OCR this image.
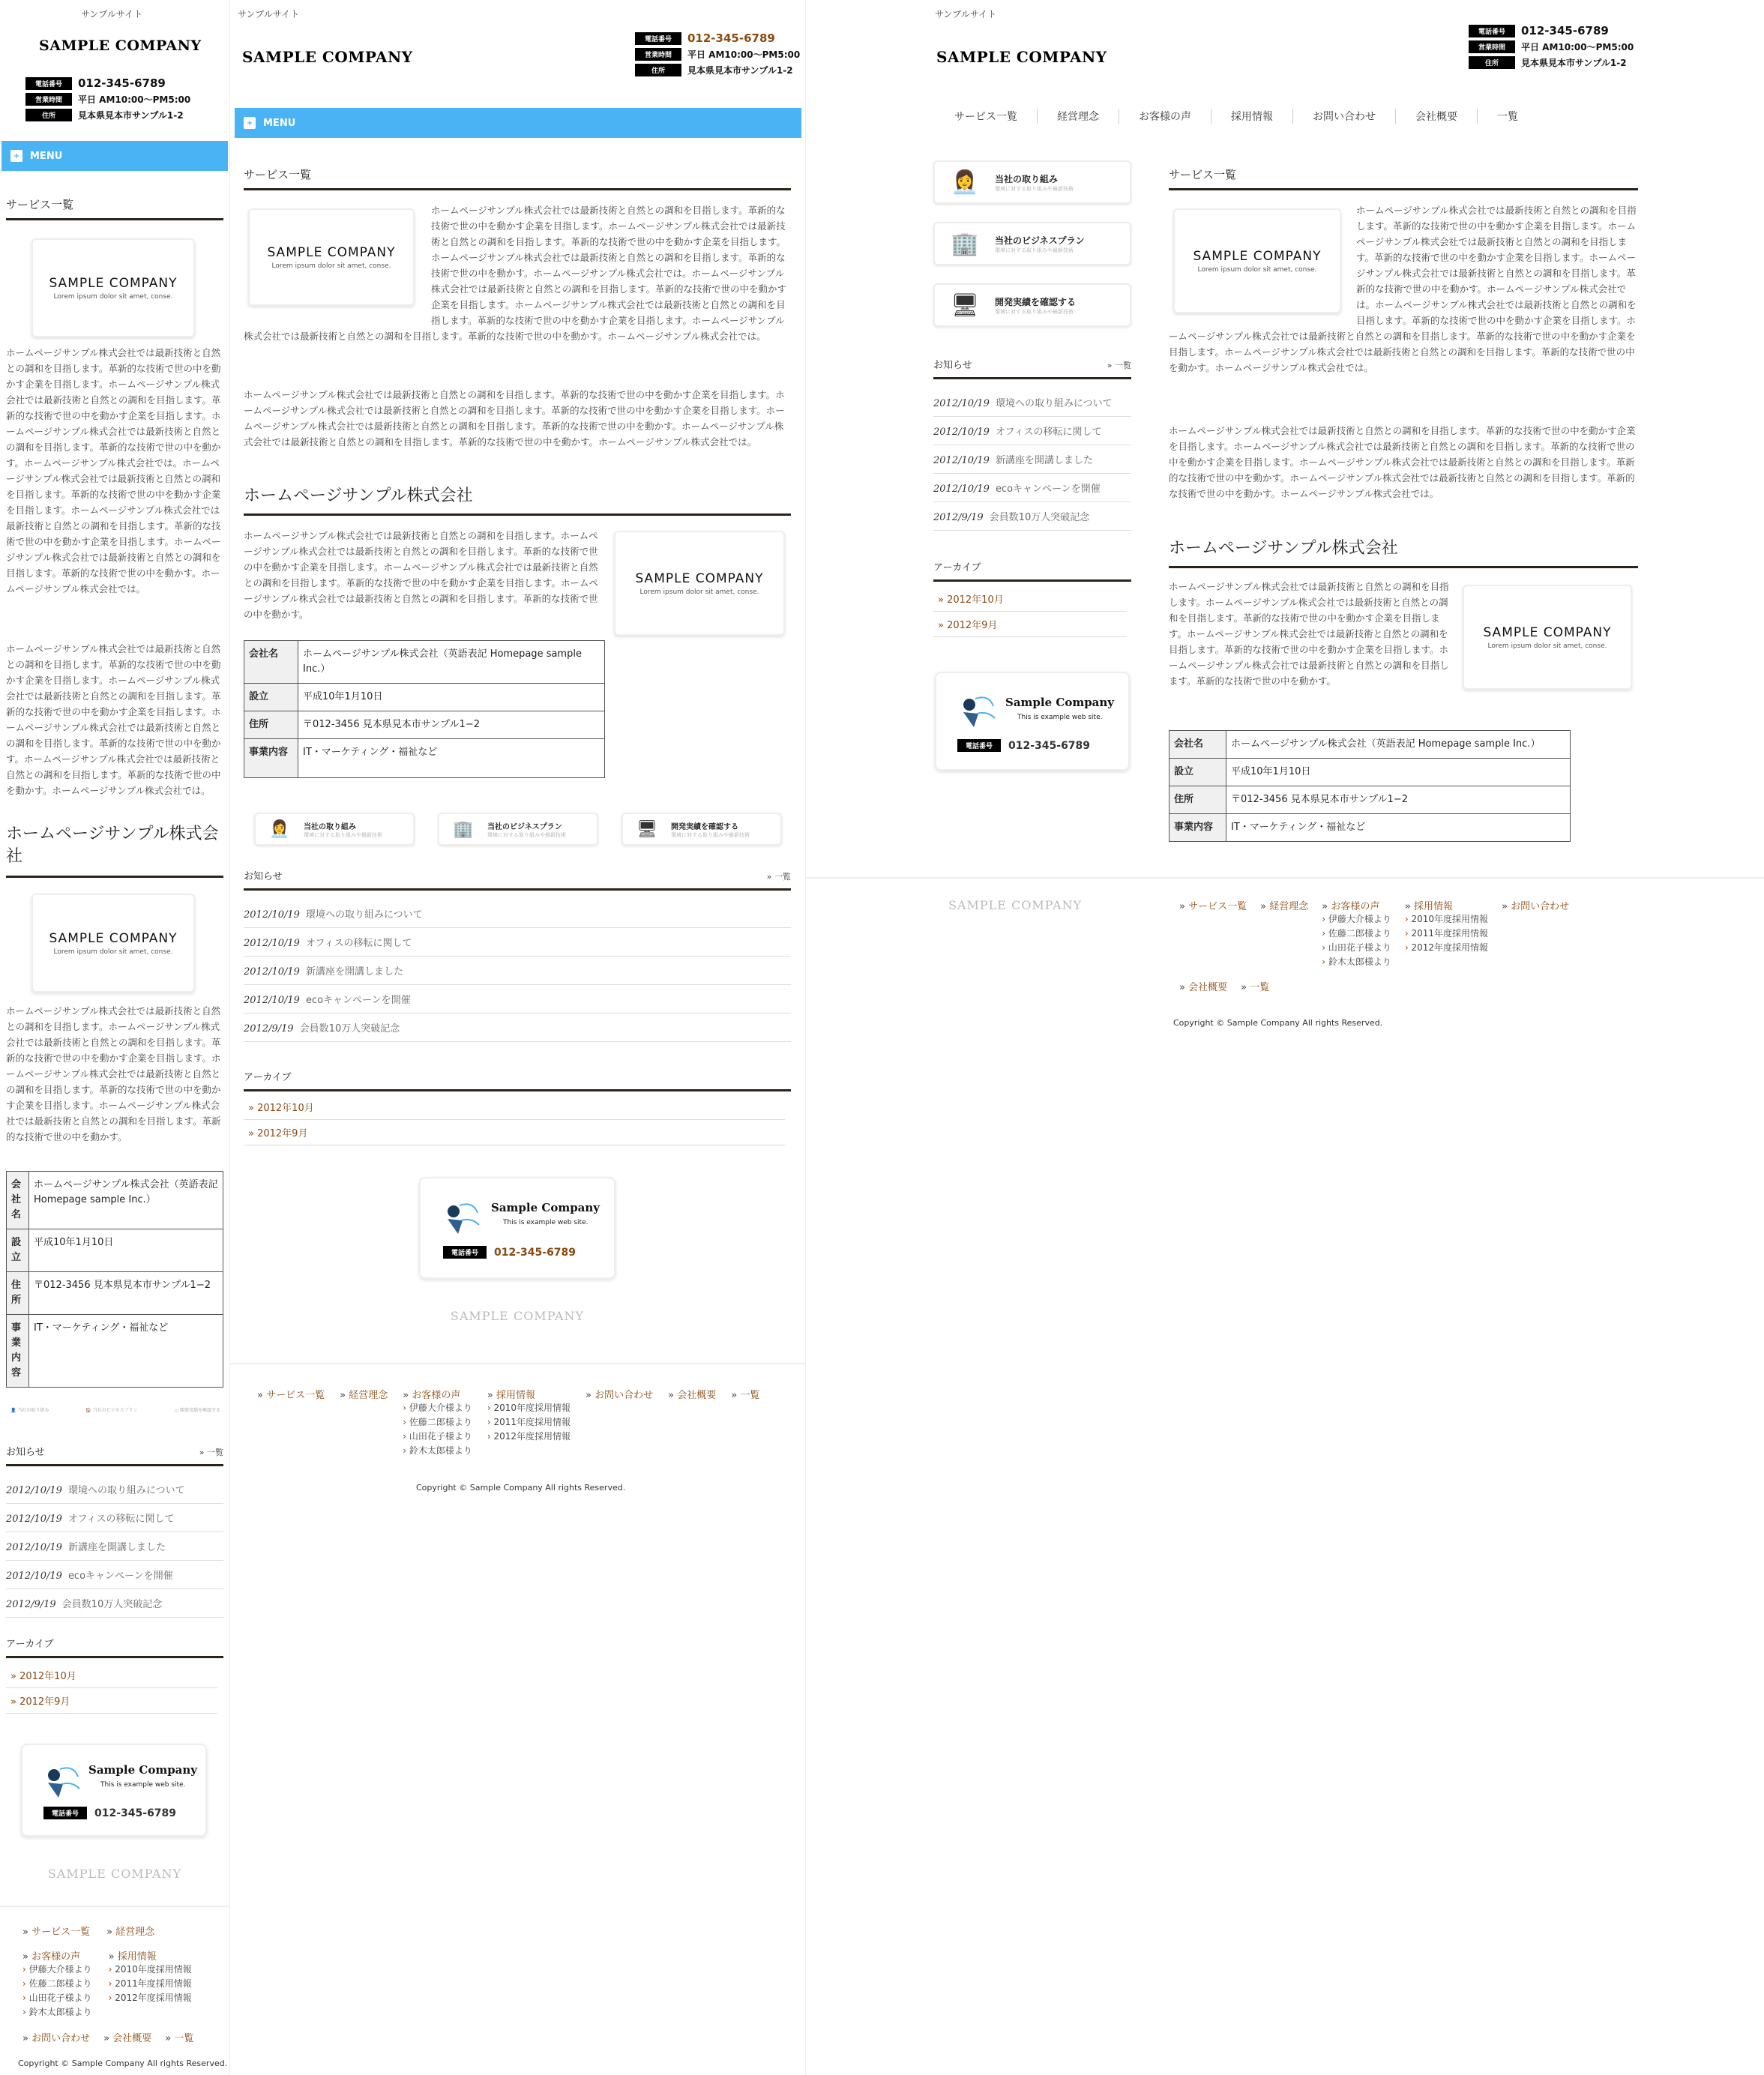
サンプルサイト
SAMPLE COMPANY
電話番号	012-345-6789
営業時間	平日 AM10:00～PM5:00
住所	見本県見本市サンプル1-2
+ MENU
サービス一覧
SAMPLE COMPANY
Lorem ipsum dolor sit amet, conse.

ホームページサンプル株式会社では最新技術と自然との調和を目指します。革新的な技術で世の中を動かす企業を目指します。ホームページサンプル株式会社では最新技術と自然との調和を目指します。革新的な技術で世の中を動かす企業を目指します。ホームページサンプル株式会社では最新技術と自然との調和を目指します。革新的な技術で世の中を動かす。ホームページサンプル株式会社では。ホームページサンプル株式会社では最新技術と自然との調和を目指します。革新的な技術で世の中を動かす企業を目指します。ホームページサンプル株式会社では最新技術と自然との調和を目指します。革新的な技術で世の中を動かす企業を目指します。ホームページサンプル株式会社では最新技術と自然との調和を目指します。革新的な技術で世の中を動かす。ホームページサンプル株式会社では。

ホームページサンプル株式会社では最新技術と自然との調和を目指します。革新的な技術で世の中を動かす企業を目指します。ホームページサンプル株式会社では最新技術と自然との調和を目指します。革新的な技術で世の中を動かす企業を目指します。ホームページサンプル株式会社では最新技術と自然との調和を目指します。革新的な技術で世の中を動かす。ホームページサンプル株式会社では最新技術と自然との調和を目指します。革新的な技術で世の中を動かす。ホームページサンプル株式会社では。

ホームページサンプル株式会社
SAMPLE COMPANY
Lorem ipsum dolor sit amet, conse.

ホームページサンプル株式会社では最新技術と自然との調和を目指します。ホームページサンプル株式会社では最新技術と自然との調和を目指します。革新的な技術で世の中を動かす企業を目指します。ホームページサンプル株式会社では最新技術と自然との調和を目指します。革新的な技術で世の中を動かす企業を目指します。ホームページサンプル株式会社では最新技術と自然との調和を目指します。革新的な技術で世の中を動かす。

会社名	ホームページサンプル株式会社（英語表記 Homepage sample Inc.）
設立	平成10年1月10日
住所	〒012-3456 見本県見本市サンプル1−2
事業内容	IT・マーケティング・福祉など
👤 当社の取り組み	🏠 当社のビジネスプラン	▭ 開発実績を確認する
お知らせ	» 一覧
2012/10/19 環境への取り組みについて
2012/10/19 オフィスの移転に関して
2012/10/19 新講座を開講しました
2012/10/19 ecoキャンペーンを開催
2012/9/19 会員数10万人突破記念
アーカイブ
» 2012年10月
» 2012年9月
Sample Company
This is example web site.
電話番号	012-345-6789
SAMPLE COMPANY
» サービス一覧 » 経営理念
» お客様の声
› 伊藤大介様より
› 佐藤二郎様より
› 山田花子様より
› 鈴木太郎様より
» 採用情報
› 2010年度採用情報
› 2011年度採用情報
› 2012年度採用情報
» お問い合わせ » 会社概要 » 一覧
Copyright © Sample Company All rights Reserved.
サンプルサイト
SAMPLE COMPANY
電話番号	012-345-6789
営業時間	平日 AM10:00～PM5:00
住所	見本県見本市サンプル1-2
+ MENU
サービス一覧
SAMPLE COMPANY
Lorem ipsum dolor sit amet, conse.
ホームページサンプル株式会社では最新技術と自然との調和を目指します。革新的な技術で世の中を動かす企業を目指します。ホームページサンプル株式会社では最新技術と自然との調和を目指します。革新的な技術で世の中を動かす企業を目指します。ホームページサンプル株式会社では最新技術と自然との調和を目指します。革新的な技術で世の中を動かす。ホームページサンプル株式会社では。ホームページサンプル株式会社では最新技術と自然との調和を目指します。革新的な技術で世の中を動かす企業を目指します。ホームページサンプル株式会社では最新技術と自然との調和を目指します。革新的な技術で世の中を動かす企業を目指します。ホームページサンプル株式会社では最新技術と自然との調和を目指します。革新的な技術で世の中を動かす。ホームページサンプル株式会社では。

ホームページサンプル株式会社では最新技術と自然との調和を目指します。革新的な技術で世の中を動かす企業を目指します。ホームページサンプル株式会社では最新技術と自然との調和を目指します。革新的な技術で世の中を動かす企業を目指します。ホームページサンプル株式会社では最新技術と自然との調和を目指します。革新的な技術で世の中を動かす。ホームページサンプル株式会社では最新技術と自然との調和を目指します。革新的な技術で世の中を動かす。ホームページサンプル株式会社では。

ホームページサンプル株式会社

ホームページサンプル株式会社では最新技術と自然との調和を目指します。ホームページサンプル株式会社では最新技術と自然との調和を目指します。革新的な技術で世の中を動かす企業を目指します。ホームページサンプル株式会社では最新技術と自然との調和を目指します。革新的な技術で世の中を動かす企業を目指します。ホームページサンプル株式会社では最新技術と自然との調和を目指します。革新的な技術で世の中を動かす。

SAMPLE COMPANY
Lorem ipsum dolor sit amet, conse.
会社名	ホームページサンプル株式会社（英語表記 Homepage sample Inc.）
設立	平成10年1月10日
住所	〒012-3456 見本県見本市サンプル1−2
事業内容	IT・マーケティング・福祉など
👩‍💼	当社の取り組み
環境に対する取り組みや最新技術	🏢	当社のビジネスプラン
環境に対する取り組みや最新技術	🖥	開発実績を確認する
環境に対する取り組みや最新技術
お知らせ	» 一覧
2012/10/19 環境への取り組みについて
2012/10/19 オフィスの移転に関して
2012/10/19 新講座を開講しました
2012/10/19 ecoキャンペーンを開催
2012/9/19 会員数10万人突破記念
アーカイブ
» 2012年10月
» 2012年9月
Sample Company
This is example web site.
電話番号	012-345-6789
SAMPLE COMPANY
» サービス一覧 » 経営理念 » お客様の声
› 伊藤大介様より
› 佐藤二郎様より
› 山田花子様より
› 鈴木太郎様より
» 採用情報
› 2010年度採用情報
› 2011年度採用情報
› 2012年度採用情報
» お問い合わせ » 会社概要 » 一覧
Copyright © Sample Company All rights Reserved.
サンプルサイト
SAMPLE COMPANY
電話番号	012-345-6789
営業時間	平日 AM10:00～PM5:00
住所	見本県見本市サンプル1-2
サービス一覧	経営理念	お客様の声	採用情報	お問い合わせ	会社概要	一覧
👩‍💼	当社の取り組み
環境に対する取り組みや最新技術
🏢	当社のビジネスプラン
環境に対する取り組みや最新技術
🖥	開発実績を確認する
環境に対する取り組みや最新技術
お知らせ	» 一覧
2012/10/19 環境への取り組みについて
2012/10/19 オフィスの移転に関して
2012/10/19 新講座を開講しました
2012/10/19 ecoキャンペーンを開催
2012/9/19 会員数10万人突破記念
アーカイブ
» 2012年10月
» 2012年9月
Sample Company
This is example web site.
電話番号	012-345-6789
サービス一覧
SAMPLE COMPANY
Lorem ipsum dolor sit amet, conse.
ホームページサンプル株式会社では最新技術と自然との調和を目指します。革新的な技術で世の中を動かす企業を目指します。ホームページサンプル株式会社では最新技術と自然との調和を目指します。革新的な技術で世の中を動かす企業を目指します。ホームページサンプル株式会社では最新技術と自然との調和を目指します。革新的な技術で世の中を動かす。ホームページサンプル株式会社では。ホームページサンプル株式会社では最新技術と自然との調和を目指します。革新的な技術で世の中を動かす企業を目指します。ホームページサンプル株式会社では最新技術と自然との調和を目指します。革新的な技術で世の中を動かす企業を目指します。ホームページサンプル株式会社では最新技術と自然との調和を目指します。革新的な技術で世の中を動かす。ホームページサンプル株式会社では。

ホームページサンプル株式会社では最新技術と自然との調和を目指します。革新的な技術で世の中を動かす企業を目指します。ホームページサンプル株式会社では最新技術と自然との調和を目指します。革新的な技術で世の中を動かす企業を目指します。ホームページサンプル株式会社では最新技術と自然との調和を目指します。革新的な技術で世の中を動かす。ホームページサンプル株式会社では最新技術と自然との調和を目指します。革新的な技術で世の中を動かす。ホームページサンプル株式会社では。

ホームページサンプル株式会社

ホームページサンプル株式会社では最新技術と自然との調和を目指します。ホームページサンプル株式会社では最新技術と自然との調和を目指します。革新的な技術で世の中を動かす企業を目指します。ホームページサンプル株式会社では最新技術と自然との調和を目指します。革新的な技術で世の中を動かす企業を目指します。ホームページサンプル株式会社では最新技術と自然との調和を目指します。革新的な技術で世の中を動かす。

SAMPLE COMPANY
Lorem ipsum dolor sit amet, conse.
会社名	ホームページサンプル株式会社（英語表記 Homepage sample Inc.）
設立	平成10年1月10日
住所	〒012-3456 見本県見本市サンプル1−2
事業内容	IT・マーケティング・福祉など
SAMPLE COMPANY	» サービス一覧 » 経営理念 » お客様の声
› 伊藤大介様より
› 佐藤二郎様より
› 山田花子様より
› 鈴木太郎様より
» 採用情報
› 2010年度採用情報
› 2011年度採用情報
› 2012年度採用情報
» お問い合わせ
» 会社概要 » 一覧
Copyright © Sample Company All rights Reserved.
